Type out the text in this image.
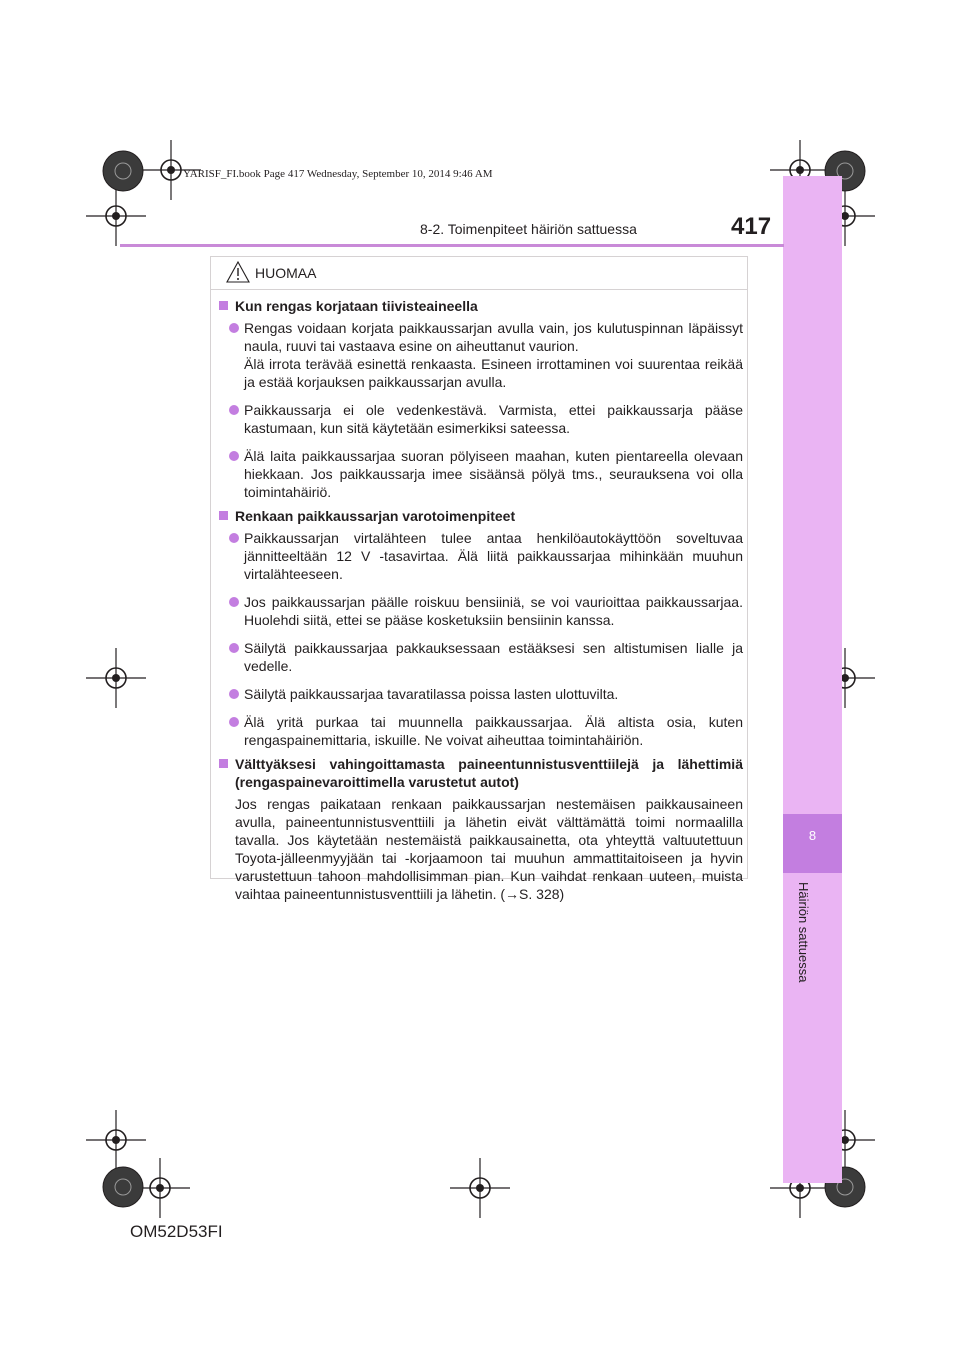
YARISF_FI.book Page 417 Wednesday, September 10, 2014 9:46 AM
8
Häiriön sattuessa
8-2. Toimenpiteet häiriön sattuessa	417
HUOMAA
Kun rengas korjataan tiivisteaineella

Rengas voidaan korjata paikkaussarjan avulla vain, jos kulutuspinnan läpäissyt naula, ruuvi tai vastaava esine on aiheuttanut vaurion.

Älä irrota terävää esinettä renkaasta. Esineen irrottaminen voi suurentaa reikää ja estää korjauksen paikkaussarjan avulla.

Paikkaussarja ei ole vedenkestävä. Varmista, ettei paikkaussarja pääse kastumaan, kun sitä käytetään esimerkiksi sateessa.

Älä laita paikkaussarjaa suoran pölyiseen maahan, kuten pientareella olevaan hiekkaan. Jos paikkaussarja imee sisäänsä pölyä tms., seurauksena voi olla toimintahäiriö.

Renkaan paikkaussarjan varotoimenpiteet

Paikkaussarjan virtalähteen tulee antaa henkilöautokäyttöön soveltuvaa jännitteeltään 12 V -tasavirtaa. Älä liitä paikkaussarjaa mihinkään muuhun virtalähteeseen.

Jos paikkaussarjan päälle roiskuu bensiiniä, se voi vaurioittaa paikkaussarjaa. Huolehdi siitä, ettei se pääse kosketuksiin bensiinin kanssa.

Säilytä paikkaussarjaa pakkauksessaan estääksesi sen altistumisen lialle ja vedelle.

Säilytä paikkaussarjaa tavaratilassa poissa lasten ulottuvilta.

Älä yritä purkaa tai muunnella paikkaussarjaa. Älä altista osia, kuten rengaspainemittaria, iskuille. Ne voivat aiheuttaa toimintahäiriön.

Välttyäksesi vahingoittamasta paineentunnistusventtiilejä ja lähettimiä (rengaspainevaroittimella varustetut autot)

Jos rengas paikataan renkaan paikkaussarjan nestemäisen paikkausaineen avulla, paineentunnistusventtiili ja lähetin eivät välttämättä toimi normaalilla tavalla. Jos käytetään nestemäistä paikkausainetta, ota yhteyttä valtuutettuun Toyota-jälleenmyyjään tai -korjaamoon tai muuhun ammattitaitoiseen ja hyvin varustettuun tahoon mahdollisimman pian. Kun vaihdat renkaan uuteen, muista vaihtaa paineentunnistusventtiili ja lähetin. (→S. 328)

OM52D53FI
